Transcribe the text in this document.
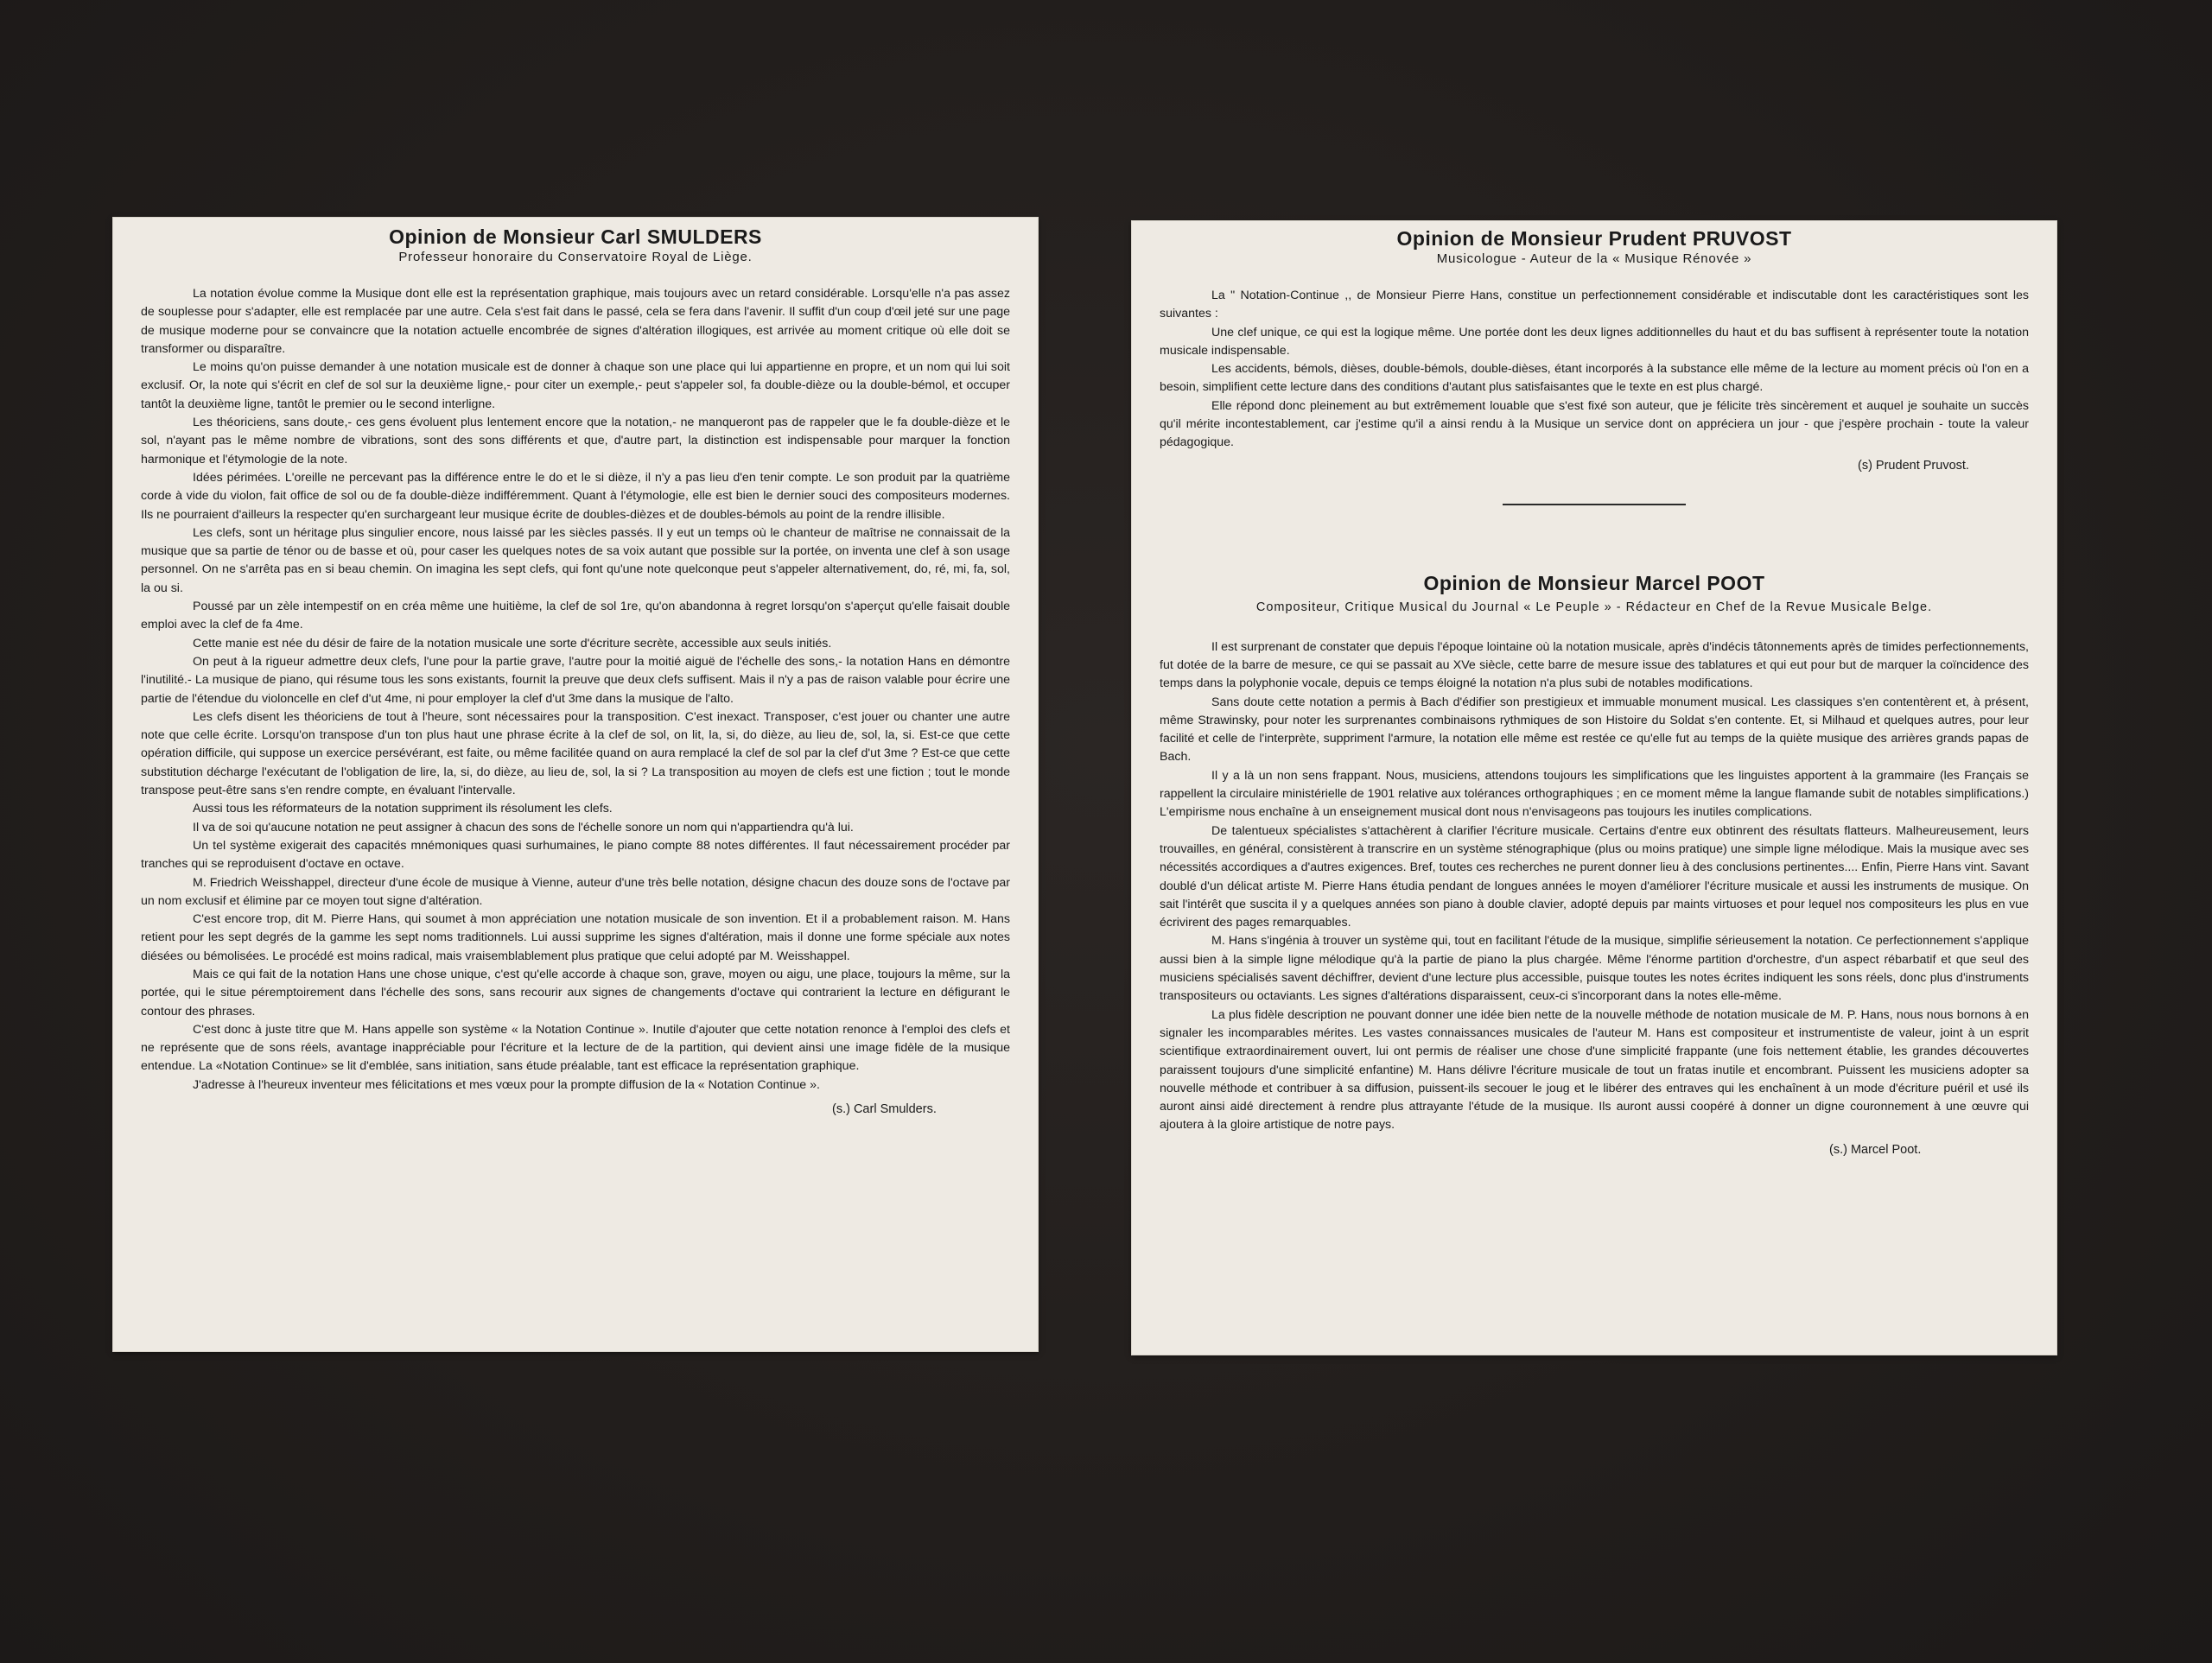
Opinion de Monsieur Carl SMULDERS
Professeur honoraire du Conservatoire Royal de Liège.

La notation évolue comme la Musique dont elle est la représentation graphique, mais toujours avec un retard considérable. Lorsqu'elle n'a pas assez de souplesse pour s'adapter, elle est remplacée par une autre. Cela s'est fait dans le passé, cela se fera dans l'avenir. Il suffit d'un coup d'œil jeté sur une page de musique moderne pour se convaincre que la notation actuelle encombrée de signes d'altération illogiques, est arrivée au moment critique où elle doit se transformer ou disparaître.

Le moins qu'on puisse demander à une notation musicale est de donner à chaque son une place qui lui appartienne en propre, et un nom qui lui soit exclusif. Or, la note qui s'écrit en clef de sol sur la deuxième ligne,- pour citer un exemple,- peut s'appeler sol, fa double-dièze ou la double-bémol, et occuper tantôt la deuxième ligne, tantôt le premier ou le second interligne.

Les théoriciens, sans doute,- ces gens évoluent plus lentement encore que la notation,- ne manqueront pas de rappeler que le fa double-dièze et le sol, n'ayant pas le même nombre de vibrations, sont des sons différents et que, d'autre part, la distinction est indispensable pour marquer la fonction harmonique et l'étymologie de la note.

Idées périmées. L'oreille ne percevant pas la différence entre le do et le si dièze, il n'y a pas lieu d'en tenir compte. Le son produit par la quatrième corde à vide du violon, fait office de sol ou de fa double-dièze indifféremment. Quant à l'étymologie, elle est bien le dernier souci des compositeurs modernes. Ils ne pourraient d'ailleurs la respecter qu'en surchargeant leur musique écrite de doubles-dièzes et de doubles-bémols au point de la rendre illisible.

Les clefs, sont un héritage plus singulier encore, nous laissé par les siècles passés. Il y eut un temps où le chanteur de maîtrise ne connaissait de la musique que sa partie de ténor ou de basse et où, pour caser les quelques notes de sa voix autant que possible sur la portée, on inventa une clef à son usage personnel. On ne s'arrêta pas en si beau chemin. On imagina les sept clefs, qui font qu'une note quelconque peut s'appeler alternativement, do, ré, mi, fa, sol, la ou si.

Poussé par un zèle intempestif on en créa même une huitième, la clef de sol 1re, qu'on abandonna à regret lorsqu'on s'aperçut qu'elle faisait double emploi avec la clef de fa 4me.

Cette manie est née du désir de faire de la notation musicale une sorte d'écriture secrète, accessible aux seuls initiés.

On peut à la rigueur admettre deux clefs, l'une pour la partie grave, l'autre pour la moitié aiguë de l'échelle des sons,- la notation Hans en démontre l'inutilité.- La musique de piano, qui résume tous les sons existants, fournit la preuve que deux clefs suffisent. Mais il n'y a pas de raison valable pour écrire une partie de l'étendue du violoncelle en clef d'ut 4me, ni pour employer la clef d'ut 3me dans la musique de l'alto.

Les clefs disent les théoriciens de tout à l'heure, sont nécessaires pour la transposition. C'est inexact. Transposer, c'est jouer ou chanter une autre note que celle écrite. Lorsqu'on transpose d'un ton plus haut une phrase écrite à la clef de sol, on lit, la, si, do dièze, au lieu de, sol, la, si. Est-ce que cette opération difficile, qui suppose un exercice persévérant, est faite, ou même facilitée quand on aura remplacé la clef de sol par la clef d'ut 3me ? Est-ce que cette substitution décharge l'exécutant de l'obligation de lire, la, si, do dièze, au lieu de, sol, la si ? La transposition au moyen de clefs est une fiction ; tout le monde transpose peut-être sans s'en rendre compte, en évaluant l'intervalle.

Aussi tous les réformateurs de la notation suppriment ils résolument les clefs.

Il va de soi qu'aucune notation ne peut assigner à chacun des sons de l'échelle sonore un nom qui n'appartiendra qu'à lui.

Un tel système exigerait des capacités mnémoniques quasi surhumaines, le piano compte 88 notes différentes. Il faut nécessairement procéder par tranches qui se reproduisent d'octave en octave.

M. Friedrich Weisshappel, directeur d'une école de musique à Vienne, auteur d'une très belle notation, désigne chacun des douze sons de l'octave par un nom exclusif et élimine par ce moyen tout signe d'altération.

C'est encore trop, dit M. Pierre Hans, qui soumet à mon appréciation une notation musicale de son invention. Et il a probablement raison. M. Hans retient pour les sept degrés de la gamme les sept noms traditionnels. Lui aussi supprime les signes d'altération, mais il donne une forme spéciale aux notes diésées ou bémolisées. Le procédé est moins radical, mais vraisemblablement plus pratique que celui adopté par M. Weisshappel.

Mais ce qui fait de la notation Hans une chose unique, c'est qu'elle accorde à chaque son, grave, moyen ou aigu, une place, toujours la même, sur la portée, qui le situe péremptoirement dans l'échelle des sons, sans recourir aux signes de changements d'octave qui contrarient la lecture en défigurant le contour des phrases.

C'est donc à juste titre que M. Hans appelle son système « la Notation Continue ». Inutile d'ajouter que cette notation renonce à l'emploi des clefs et ne représente que de sons réels, avantage inappréciable pour l'écriture et la lecture de de la partition, qui devient ainsi une image fidèle de la musique entendue. La «Notation Continue» se lit d'emblée, sans initiation, sans étude préalable, tant est efficace la représentation graphique.

J'adresse à l'heureux inventeur mes félicitations et mes vœux pour la prompte diffusion de la « Notation Continue ».

(s.) Carl Smulders.
Opinion de Monsieur Prudent PRUVOST
Musicologue - Auteur de la « Musique Rénovée »

La " Notation-Continue ,, de Monsieur Pierre Hans, constitue un perfectionnement considérable et indiscutable dont les caractéristiques sont les suivantes :

Une clef unique, ce qui est la logique même. Une portée dont les deux lignes additionnelles du haut et du bas suffisent à représenter toute la notation musicale indispensable.

Les accidents, bémols, dièses, double-bémols, double-dièses, étant incorporés à la substance elle même de la lecture au moment précis où l'on en a besoin, simplifient cette lecture dans des conditions d'autant plus satisfaisantes que le texte en est plus chargé.

Elle répond donc pleinement au but extrêmement louable que s'est fixé son auteur, que je félicite très sincèrement et auquel je souhaite un succès qu'il mérite incontestablement, car j'estime qu'il a ainsi rendu à la Musique un service dont on appréciera un jour - que j'espère prochain - toute la valeur pédagogique.

(s) Prudent Pruvost.
Opinion de Monsieur Marcel POOT
Compositeur, Critique Musical du Journal « Le Peuple » - Rédacteur en Chef de la Revue Musicale Belge.

Il est surprenant de constater que depuis l'époque lointaine où la notation musicale, après d'indécis tâtonnements après de timides perfectionnements, fut dotée de la barre de mesure, ce qui se passait au XVe siècle, cette barre de mesure issue des tablatures et qui eut pour but de marquer la coïncidence des temps dans la polyphonie vocale, depuis ce temps éloigné la notation n'a plus subi de notables modifications.

Sans doute cette notation a permis à Bach d'édifier son prestigieux et immuable monument musical. Les classiques s'en contentèrent et, à présent, même Strawinsky, pour noter les surprenantes combinaisons rythmiques de son Histoire du Soldat s'en contente. Et, si Milhaud et quelques autres, pour leur facilité et celle de l'interprète, suppriment l'armure, la notation elle même est restée ce qu'elle fut au temps de la quiète musique des arrières grands papas de Bach.

Il y a là un non sens frappant. Nous, musiciens, attendons toujours les simplifications que les linguistes apportent à la grammaire (les Français se rappellent la circulaire ministérielle de 1901 relative aux tolérances orthographiques ; en ce moment même la langue flamande subit de notables simplifications.) L'empirisme nous enchaîne à un enseignement musical dont nous n'envisageons pas toujours les inutiles complications.

De talentueux spécialistes s'attachèrent à clarifier l'écriture musicale. Certains d'entre eux obtinrent des résultats flatteurs. Malheureusement, leurs trouvailles, en général, consistèrent à transcrire en un système sténographique (plus ou moins pratique) une simple ligne mélodique. Mais la musique avec ses nécessités accordiques a d'autres exigences. Bref, toutes ces recherches ne purent donner lieu à des conclusions pertinentes.... Enfin, Pierre Hans vint. Savant doublé d'un délicat artiste M. Pierre Hans étudia pendant de longues années le moyen d'améliorer l'écriture musicale et aussi les instruments de musique. On sait l'intérêt que suscita il y a quelques années son piano à double clavier, adopté depuis par maints virtuoses et pour lequel nos compositeurs les plus en vue écrivirent des pages remarquables.

M. Hans s'ingénia à trouver un système qui, tout en facilitant l'étude de la musique, simplifie sérieusement la notation. Ce perfectionnement s'applique aussi bien à la simple ligne mélodique qu'à la partie de piano la plus chargée. Même l'énorme partition d'orchestre, d'un aspect rébarbatif et que seul des musiciens spécialisés savent déchiffrer, devient d'une lecture plus accessible, puisque toutes les notes écrites indiquent les sons réels, donc plus d'instruments transpositeurs ou octaviants. Les signes d'altérations disparaissent, ceux-ci s'incorporant dans la notes elle-même.

La plus fidèle description ne pouvant donner une idée bien nette de la nouvelle méthode de notation musicale de M. P. Hans, nous nous bornons à en signaler les incomparables mérites. Les vastes connaissances musicales de l'auteur M. Hans est compositeur et instrumentiste de valeur, joint à un esprit scientifique extraordinairement ouvert, lui ont permis de réaliser une chose d'une simplicité frappante (une fois nettement établie, les grandes découvertes paraissent toujours d'une simplicité enfantine) M. Hans délivre l'écriture musicale de tout un fratas inutile et encombrant. Puissent les musiciens adopter sa nouvelle méthode et contribuer à sa diffusion, puissent-ils secouer le joug et le libérer des entraves qui les enchaînent à un mode d'écriture puéril et usé ils auront ainsi aidé directement à rendre plus attrayante l'étude de la musique. Ils auront aussi coopéré à donner un digne couronnement à une œuvre qui ajoutera à la gloire artistique de notre pays.

(s.) Marcel Poot.
